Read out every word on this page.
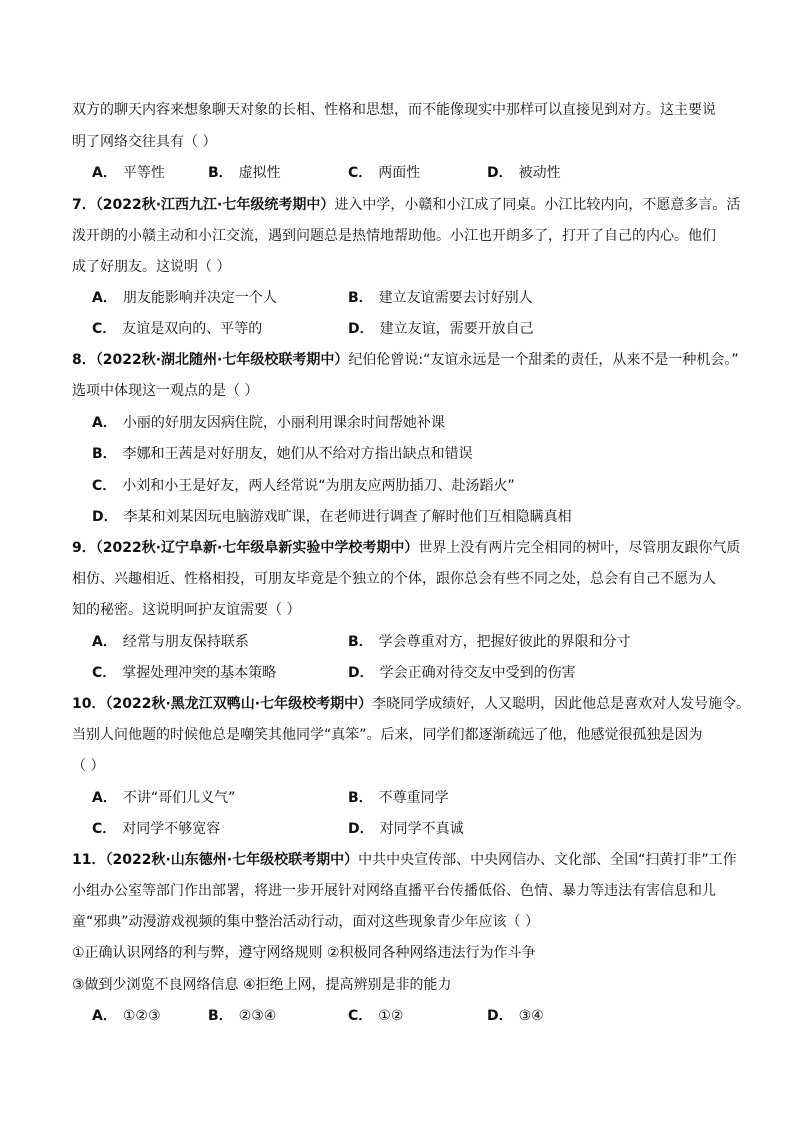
双方的聊天内容来想象聊天对象的长相、性格和思想，而不能像现实中那样可以直接见到对方。这主要说
明了网络交往具有（ ）
A． 平等性	B． 虚拟性	C． 两面性	D． 被动性
7．（2022秋·江西九江·七年级统考期中）进入中学，小赣和小江成了同桌。小江比较内向，不愿意多言。活
泼开朗的小赣主动和小江交流，遇到问题总是热情地帮助他。小江也开朗多了，打开了自己的内心。他们
成了好朋友。这说明（ ）
A． 朋友能影响并决定一个人	B． 建立友谊需要去讨好别人
C． 友谊是双向的、平等的	D． 建立友谊，需要开放自己
8．（2022秋·湖北随州·七年级校联考期中）纪伯伦曾说:“友谊永远是一个甜柔的责任，从来不是一种机会。”
选项中体现这一观点的是（ ）
A． 小丽的好朋友因病住院，小丽利用课余时间帮她补课
B． 李娜和王茜是对好朋友，她们从不给对方指出缺点和错误
C． 小刘和小王是好友，两人经常说“为朋友应两肋插刀、赴汤蹈火”
D． 李某和刘某因玩电脑游戏旷课，在老师进行调查了解时他们互相隐瞒真相
9．（2022秋·辽宁阜新·七年级阜新实验中学校考期中）世界上没有两片完全相同的树叶，尽管朋友跟你气质
相仿、兴趣相近、性格相投，可朋友毕竟是个独立的个体，跟你总会有些不同之处，总会有自己不愿为人
知的秘密。这说明呵护友谊需要（ ）
A． 经常与朋友保持联系	B． 学会尊重对方，把握好彼此的界限和分寸
C． 掌握处理冲突的基本策略	D． 学会正确对待交友中受到的伤害
10．（2022秋·黑龙江双鸭山·七年级校考期中）李晓同学成绩好，人又聪明，因此他总是喜欢对人发号施令。
当别人问他题的时候他总是嘲笑其他同学“真笨”。后来，同学们都逐渐疏远了他，他感觉很孤独是因为
（ ）
A． 不讲“哥们儿义气”	B． 不尊重同学
C． 对同学不够宽容	D． 对同学不真诚
11．（2022秋·山东德州·七年级校联考期中）中共中央宣传部、中央网信办、文化部、全国“扫黄打非”工作
小组办公室等部门作出部署，将进一步开展针对网络直播平台传播低俗、色情、暴力等违法有害信息和儿
童“邪典”动漫游戏视频的集中整治活动行动，面对这些现象青少年应该（ ）
①正确认识网络的利与弊，遵守网络规则 ②积极同各种网络违法行为作斗争
③做到少浏览不良网络信息 ④拒绝上网，提高辨别是非的能力
A． ①②③	B． ②③④	C． ①②	D． ③④
